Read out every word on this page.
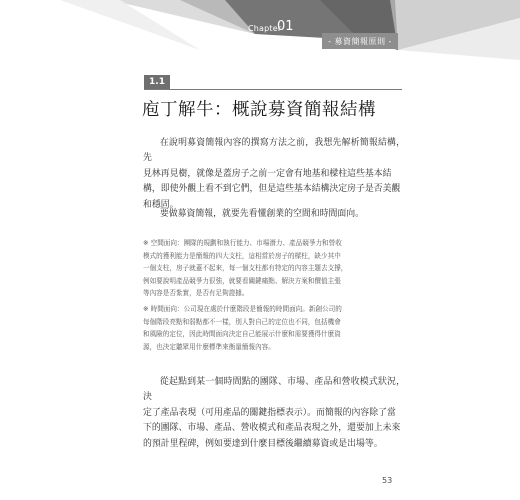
Chapter
01
- 募資簡報原則 -
1.1
庖丁解牛：概說募資簡報結構

在說明募資簡報內容的撰寫方法之前，我想先解析簡報結構，先
見林再見樹，就像是蓋房子之前一定會有地基和樑柱這些基本結
構，即使外觀上看不到它們，但是這些基本結構決定房子是否美觀
和穩固。

要做募資簡報，就要先看懂創業的空間和時間面向。

※ 空間面向：團隊的規劃和執行能力、市場潛力、產品競爭力和營收
模式的獲利能力是簡報的四大支柱，這相當於房子的樑柱，缺少其中
一個支柱，房子就蓋不起來，每一個支柱都有特定的內容主題去支撐，
例如要說明產品競爭力很強，就要看關鍵痛點、解決方案和價值主張
等內容是否紮實，是否有足夠證據。

※ 時間面向：公司現在處於什麼階段是簡報的時間面向。新創公司的
每個階段亮點和弱點都不一樣，別人對自己的定位也不同，包括機會
和風險的定位，因此時間面向決定自己能展示什麼和需要獲得什麼資
源，也決定聽眾用什麼標準來衡量簡報內容。

從起點到某一個時間點的團隊、市場、產品和營收模式狀況，決
定了產品表現（可用產品的關鍵指標表示）。而簡報的內容除了當
下的團隊、市場、產品、營收模式和產品表現之外，還要加上未來
的預計里程碑，例如要達到什麼目標後繼續募資或是出場等。

53
